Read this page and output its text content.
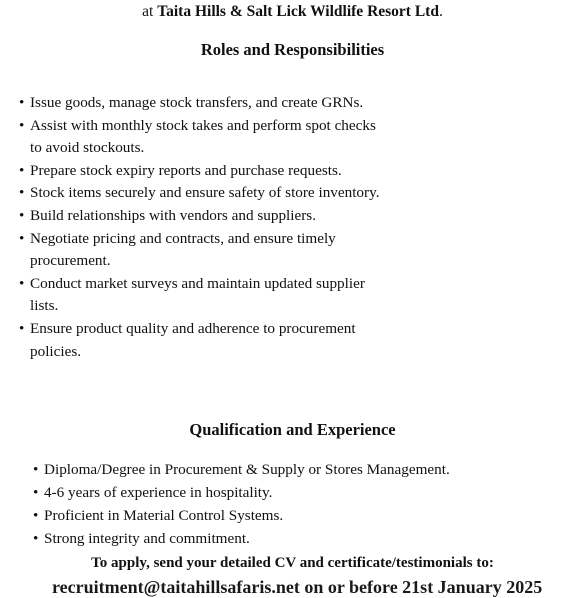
at Taita Hills & Salt Lick Wildlife Resort Ltd.
Roles and Responsibilities
• Issue goods, manage stock transfers, and create GRNs.
• Assist with monthly stock takes and perform spot checks to avoid stockouts.
• Prepare stock expiry reports and purchase requests.
• Stock items securely and ensure safety of store inventory.
• Build relationships with vendors and suppliers.
• Negotiate pricing and contracts, and ensure timely procurement.
• Conduct market surveys and maintain updated supplier lists.
• Ensure product quality and adherence to procurement policies.
Qualification and Experience
• Diploma/Degree in Procurement & Supply or Stores Management.
• 4-6 years of experience in hospitality.
• Proficient in Material Control Systems.
• Strong integrity and commitment.
To apply, send your detailed CV and certificate/testimonials to:
recruitment@taitahillsafaris.net on or before 21st January 2025
